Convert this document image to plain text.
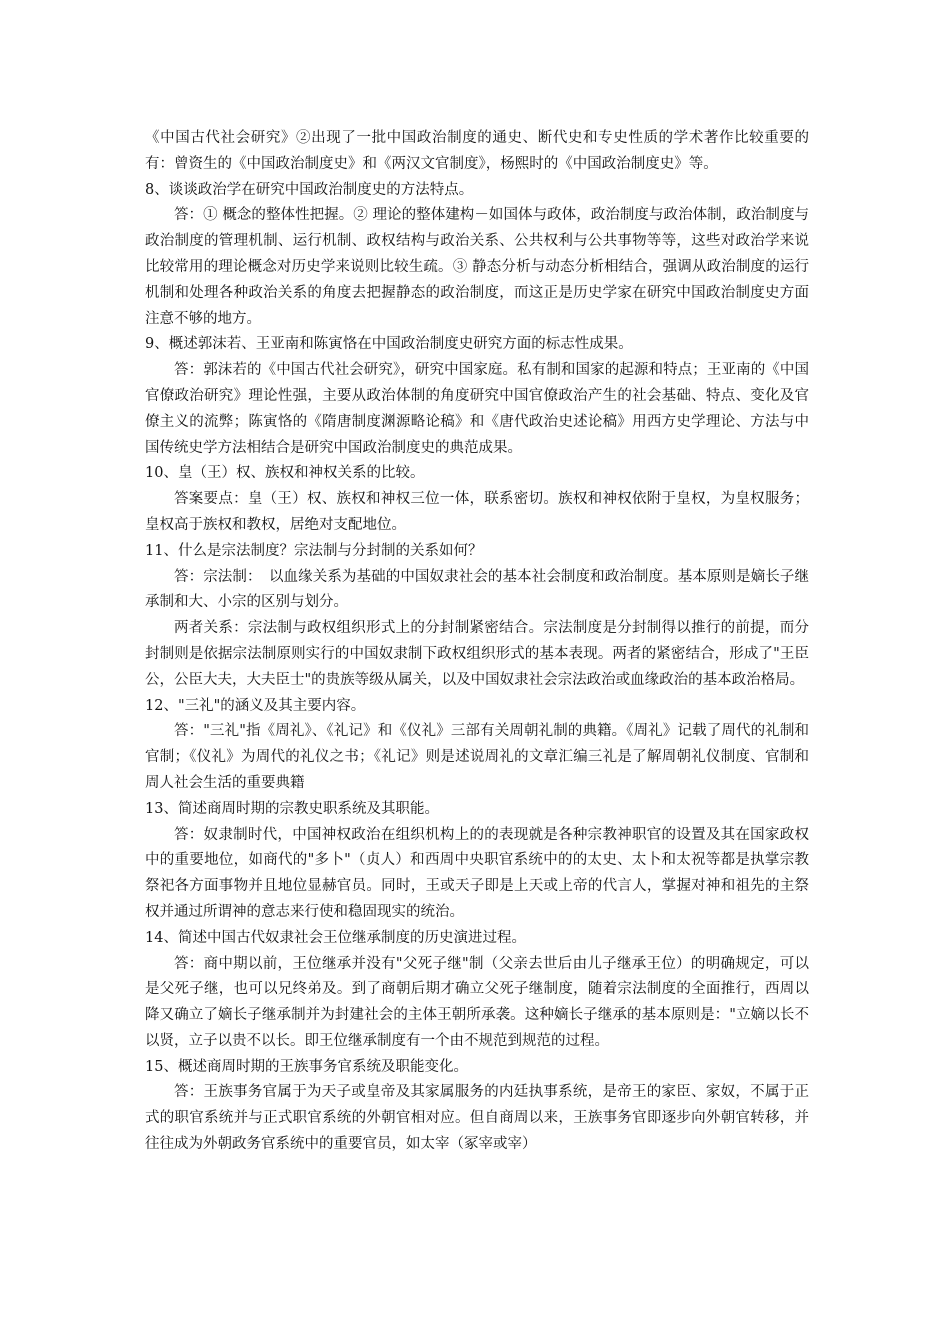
《中国古代社会研究》②出现了一批中国政治制度的通史、断代史和专史性质的学术著作比较重要的有：曾资生的《中国政治制度史》和《两汉文官制度》，杨熙时的《中国政治制度史》等。

8、谈谈政治学在研究中国政治制度史的方法特点。

答：① 概念的整体性把握。② 理论的整体建构－如国体与政体，政治制度与政治体制，政治制度与政治制度的管理机制、运行机制、政权结构与政治关系、公共权利与公共事物等等，这些对政治学来说比较常用的理论概念对历史学来说则比较生疏。③ 静态分析与动态分析相结合，强调从政治制度的运行机制和处理各种政治关系的角度去把握静态的政治制度，而这正是历史学家在研究中国政治制度史方面注意不够的地方。

9、概述郭沫若、王亚南和陈寅恪在中国政治制度史研究方面的标志性成果。

答：郭沫若的《中国古代社会研究》，研究中国家庭。私有制和国家的起源和特点；王亚南的《中国官僚政治研究》理论性强，主要从政治体制的角度研究中国官僚政治产生的社会基础、特点、变化及官僚主义的流弊；陈寅恪的《隋唐制度渊源略论稿》和《唐代政治史述论稿》用西方史学理论、方法与中国传统史学方法相结合是研究中国政治制度史的典范成果。

10、皇（王）权、族权和神权关系的比较。

答案要点：皇（王）权、族权和神权三位一体，联系密切。族权和神权依附于皇权，为皇权服务；皇权高于族权和教权，居绝对支配地位。

11、什么是宗法制度？宗法制与分封制的关系如何？

答：宗法制：　以血缘关系为基础的中国奴隶社会的基本社会制度和政治制度。基本原则是嫡长子继承制和大、小宗的区别与划分。

两者关系：宗法制与政权组织形式上的分封制紧密结合。宗法制度是分封制得以推行的前提，而分封制则是依据宗法制原则实行的中国奴隶制下政权组织形式的基本表现。两者的紧密结合，形成了"王臣公，公臣大夫，大夫臣士"的贵族等级从属关，以及中国奴隶社会宗法政治或血缘政治的基本政治格局。

12、"三礼"的涵义及其主要内容。

答："三礼"指《周礼》、《礼记》和《仪礼》三部有关周朝礼制的典籍。《周礼》记载了周代的礼制和官制；《仪礼》为周代的礼仪之书；《礼记》则是述说周礼的文章汇编三礼是了解周朝礼仪制度、官制和周人社会生活的重要典籍

13、简述商周时期的宗教史职系统及其职能。

答：奴隶制时代，中国神权政治在组织机构上的的表现就是各种宗教神职官的设置及其在国家政权中的重要地位，如商代的"多卜"（贞人）和西周中央职官系统中的的太史、太卜和太祝等都是执掌宗教祭祀各方面事物并且地位显赫官员。同时，王或天子即是上天或上帝的代言人，掌握对神和祖先的主祭权并通过所谓神的意志来行使和稳固现实的统治。

14、简述中国古代奴隶社会王位继承制度的历史演进过程。

答：商中期以前，王位继承并没有"父死子继"制（父亲去世后由儿子继承王位）的明确规定，可以是父死子继，也可以兄终弟及。到了商朝后期才确立父死子继制度，随着宗法制度的全面推行，西周以降又确立了嫡长子继承制并为封建社会的主体王朝所承袭。这种嫡长子继承的基本原则是："立嫡以长不以贤，立子以贵不以长。即王位继承制度有一个由不规范到规范的过程。

15、概述商周时期的王族事务官系统及职能变化。

答：王族事务官属于为天子或皇帝及其家属服务的内廷执事系统，是帝王的家臣、家奴，不属于正式的职官系统并与正式职官系统的外朝官相对应。但自商周以来，王族事务官即逐步向外朝官转移，并往往成为外朝政务官系统中的重要官员，如太宰（冢宰或宰）
